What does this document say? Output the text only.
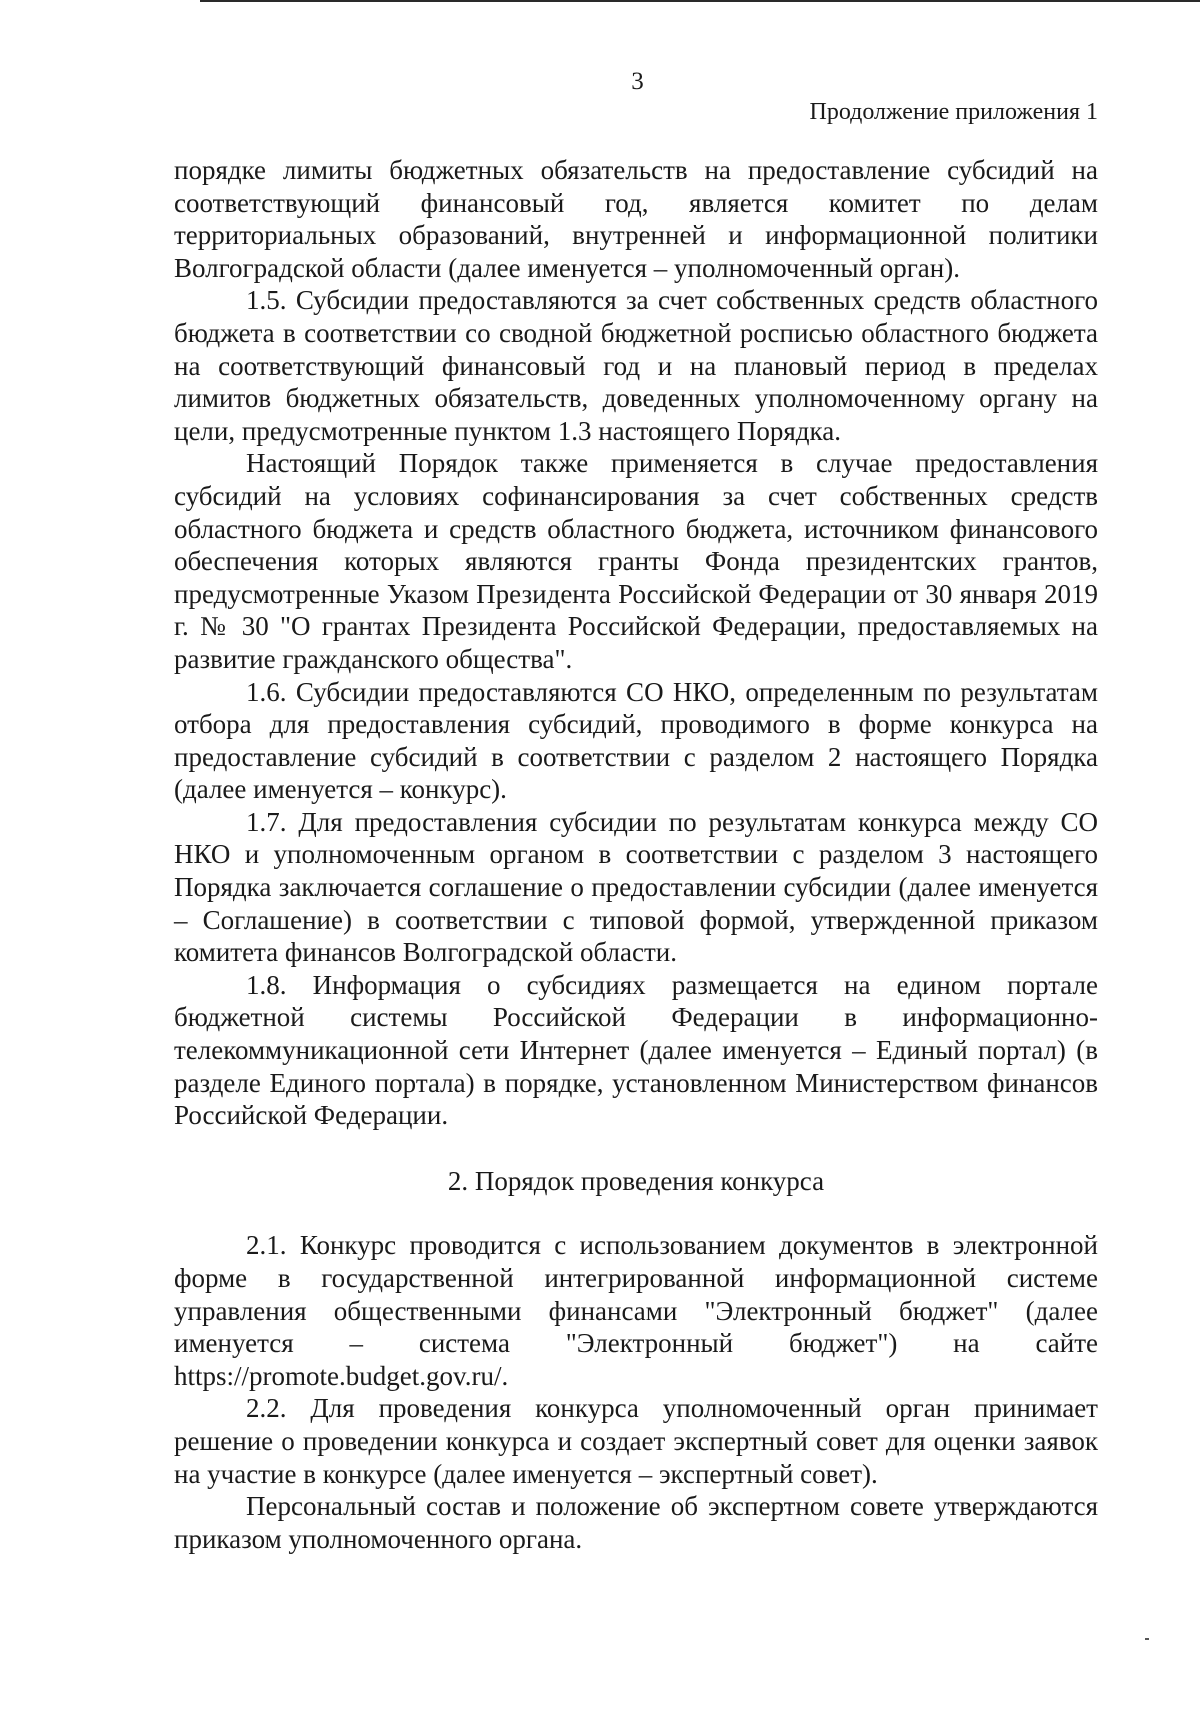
3
Продолжение приложения 1

порядке лимиты бюджетных обязательств на предоставление субсидий на соответствующий финансовый год, является комитет по делам территориальных образований, внутренней и информационной политики Волгоградской области (далее именуется – уполномоченный орган).

1.5. Субсидии предоставляются за счет собственных средств областного бюджета в соответствии со сводной бюджетной росписью областного бюджета на соответствующий финансовый год и на плановый период в пределах лимитов бюджетных обязательств, доведенных уполномоченному органу на цели, предусмотренные пунктом 1.3 настоящего Порядка.

Настоящий Порядок также применяется в случае предоставления субсидий на условиях софинансирования за счет собственных средств областного бюджета и средств областного бюджета, источником финансового обеспечения которых являются гранты Фонда президентских грантов, предусмотренные Указом Президента Российской Федерации от 30 января 2019 г. № 30 "О грантах Президента Российской Федерации, предоставляемых на развитие гражданского общества".

1.6. Субсидии предоставляются СО НКО, определенным по результатам отбора для предоставления субсидий, проводимого в форме конкурса на предоставление субсидий в соответствии с разделом 2 настоящего Порядка (далее именуется – конкурс).

1.7. Для предоставления субсидии по результатам конкурса между СО НКО и уполномоченным органом в соответствии с разделом 3 настоящего Порядка заключается соглашение о предоставлении субсидии (далее именуется – Соглашение) в соответствии с типовой формой, утвержденной приказом комитета финансов Волгоградской области.

1.8. Информация о субсидиях размещается на едином портале бюджетной системы Российской Федерации в информационно-телекоммуникационной сети Интернет (далее именуется – Единый портал) (в разделе Единого портала) в порядке, установленном Министерством финансов Российской Федерации.

2. Порядок проведения конкурса

2.1. Конкурс проводится с использованием документов в электронной форме в государственной интегрированной информационной системе управления общественными финансами "Электронный бюджет" (далее именуется – система "Электронный бюджет") на сайте https://promote.budget.gov.ru/.

2.2. Для проведения конкурса уполномоченный орган принимает решение о проведении конкурса и создает экспертный совет для оценки заявок на участие в конкурсе (далее именуется – экспертный совет).

Персональный состав и положение об экспертном совете утверждаются приказом уполномоченного органа.
